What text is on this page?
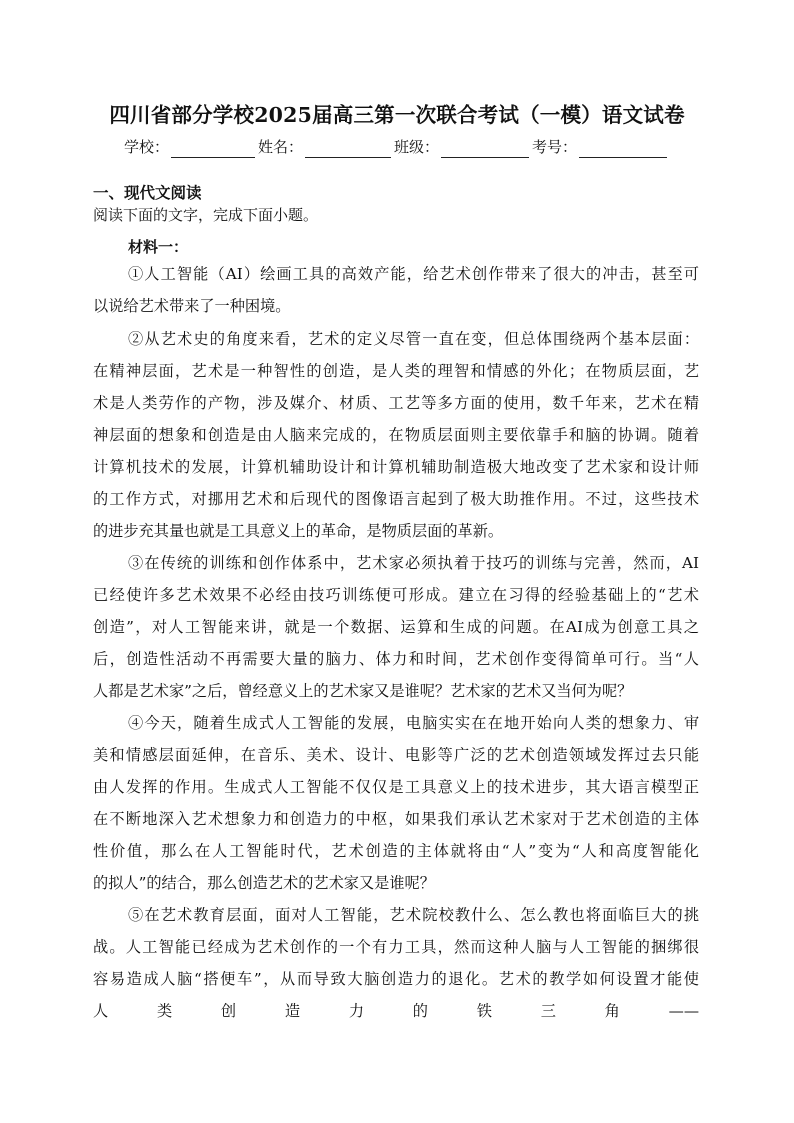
四川省部分学校2025届高三第一次联合考试（一模）语文试卷
学校：	姓名：	班级：	考号：
一、现代文阅读
阅读下面的文字，完成下面小题。
材料一：
①人工智能（AI）绘画工具的高效产能，给艺术创作带来了很大的冲击，甚至可
以说给艺术带来了一种困境。
②从艺术史的角度来看，艺术的定义尽管一直在变，但总体围绕两个基本层面：
在精神层面，艺术是一种智性的创造，是人类的理智和情感的外化；在物质层面，艺
术是人类劳作的产物，涉及媒介、材质、工艺等多方面的使用，数千年来，艺术在精
神层面的想象和创造是由人脑来完成的，在物质层面则主要依靠手和脑的协调。随着
计算机技术的发展，计算机辅助设计和计算机辅助制造极大地改变了艺术家和设计师
的工作方式，对挪用艺术和后现代的图像语言起到了极大助推作用。不过，这些技术
的进步充其量也就是工具意义上的革命，是物质层面的革新。
③在传统的训练和创作体系中，艺术家必须执着于技巧的训练与完善，然而，AI
已经使许多艺术效果不必经由技巧训练便可形成。建立在习得的经验基础上的“艺术
创造”，对人工智能来讲，就是一个数据、运算和生成的问题。在AI成为创意工具之
后，创造性活动不再需要大量的脑力、体力和时间，艺术创作变得简单可行。当“人
人都是艺术家”之后，曾经意义上的艺术家又是谁呢？艺术家的艺术又当何为呢？
④今天，随着生成式人工智能的发展，电脑实实在在地开始向人类的想象力、审
美和情感层面延伸，在音乐、美术、设计、电影等广泛的艺术创造领域发挥过去只能
由人发挥的作用。生成式人工智能不仅仅是工具意义上的技术进步，其大语言模型正
在不断地深入艺术想象力和创造力的中枢，如果我们承认艺术家对于艺术创造的主体
性价值，那么在人工智能时代，艺术创造的主体就将由“人”变为“人和高度智能化
的拟人”的结合，那么创造艺术的艺术家又是谁呢？
⑤在艺术教育层面，面对人工智能，艺术院校教什么、怎么教也将面临巨大的挑
战。人工智能已经成为艺术创作的一个有力工具，然而这种人脑与人工智能的捆绑很
容易造成人脑“搭便车”，从而导致大脑创造力的退化。艺术的教学如何设置才能使
人类创造力的铁三角——
